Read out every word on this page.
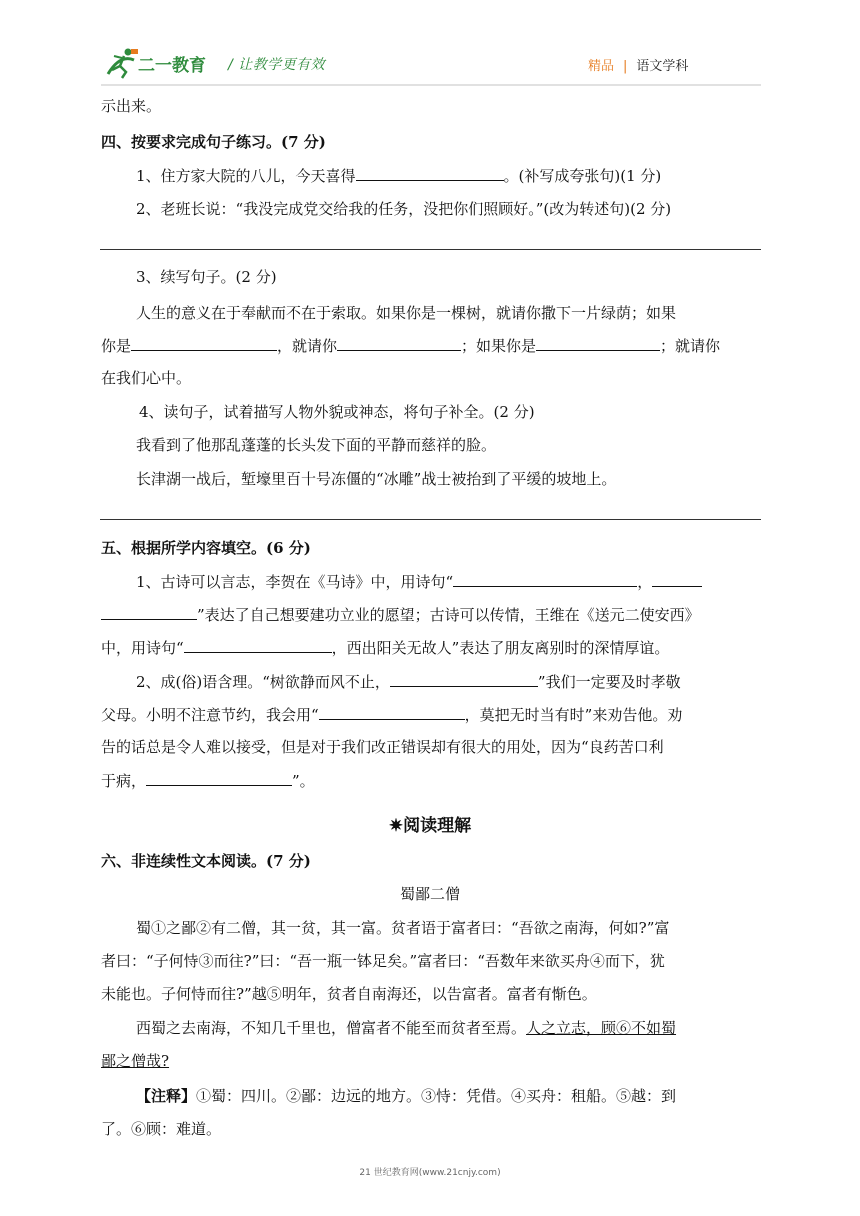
二一教育 / 让教学更有效	精品 | 语文学科
示出来。
四、按要求完成句子练习。(7 分)
1、住方家大院的八儿，今天喜得	。(补写成夸张句)(1 分)
2、老班长说：“我没完成党交给我的任务，没把你们照顾好。”(改为转述句)(2 分)
3、续写句子。(2 分)
人生的意义在于奉献而不在于索取。如果你是一棵树，就请你撒下一片绿荫；如果
你是	，就请你	；如果你是	；就请你
在我们心中。
4、读句子，试着描写人物外貌或神态，将句子补全。(2 分)
我看到了他那乱蓬蓬的长头发下面的平静而慈祥的脸。
长津湖一战后，堑壕里百十号冻僵的“冰雕”战士被抬到了平缓的坡地上。
五、根据所学内容填空。(6 分)
1、古诗可以言志，李贺在《马诗》中，用诗句“	，
”表达了自己想要建功立业的愿望；古诗可以传情，王维在《送元二使安西》
中，用诗句“	，西出阳关无故人”表达了朋友离别时的深情厚谊。
2、成(俗)语含理。“树欲静而风不止，	”我们一定要及时孝敬
父母。小明不注意节约，我会用“	，莫把无时当有时”来劝告他。劝
告的话总是令人难以接受，但是对于我们改正错误却有很大的用处，因为“良药苦口利
于病，	”。
✷阅读理解
六、非连续性文本阅读。(7 分)
蜀鄙二僧
蜀①之鄙②有二僧，其一贫，其一富。贫者语于富者曰：“吾欲之南海，何如?”富
者曰：“子何恃③而往?”曰：“吾一瓶一钵足矣。”富者曰：“吾数年来欲买舟④而下，犹
未能也。子何恃而往?”越⑤明年，贫者自南海还，以告富者。富者有惭色。
西蜀之去南海，不知几千里也，僧富者不能至而贫者至焉。人之立志，顾⑥不如蜀
鄙之僧哉?
【注释】①蜀：四川。②鄙：边远的地方。③恃：凭借。④买舟：租船。⑤越：到
了。⑥顾：难道。
21 世纪教育网(www.21cnjy.com)
